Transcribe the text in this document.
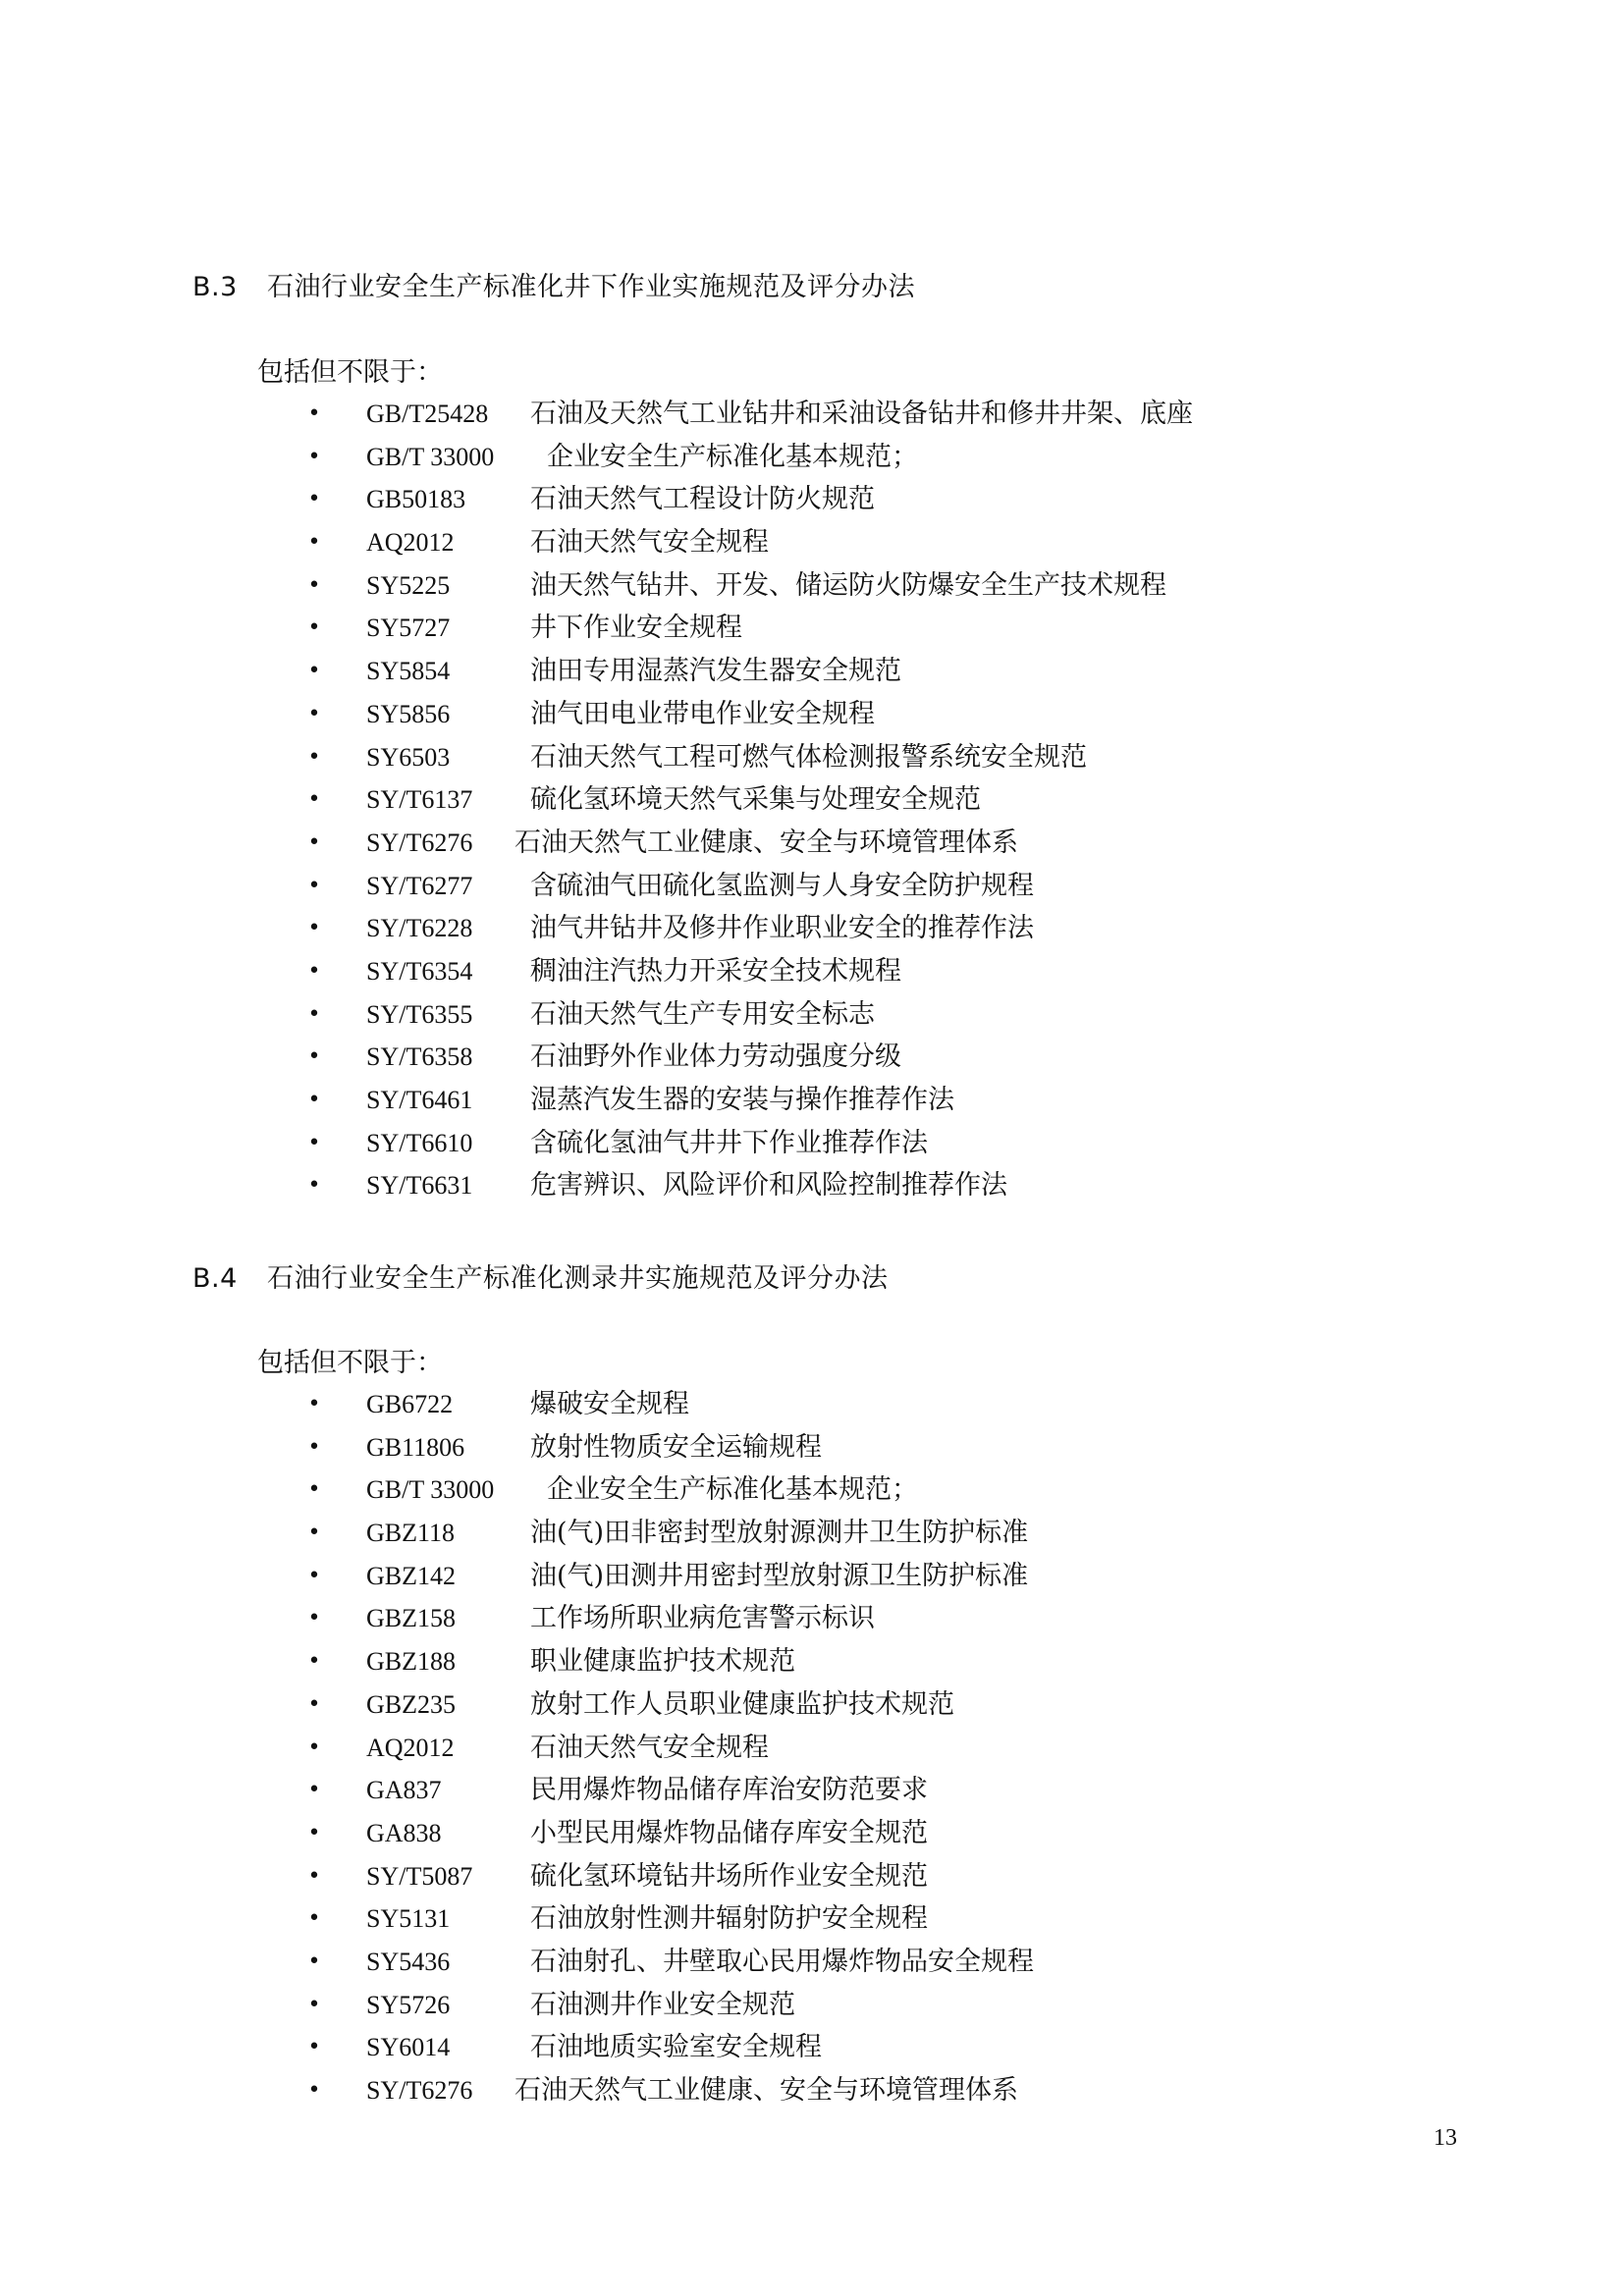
B.3 石油行业安全生产标准化井下作业实施规范及评分办法
包括但不限于：
• GB/T25428 石油及天然气工业钻井和采油设备钻井和修井井架、底座
• GB/T 33000 企业安全生产标准化基本规范；
• GB50183 石油天然气工程设计防火规范
• AQ2012	石油天然气安全规程
• SY5225	油天然气钻井、开发、储运防火防爆安全生产技术规程
• SY5727	井下作业安全规程
• SY5854	油田专用湿蒸汽发生器安全规范
• SY5856	油气田电业带电作业安全规程
• SY6503	石油天然气工程可燃气体检测报警系统安全规范
• SY/T6137 硫化氢环境天然气采集与处理安全规范
• SY/T6276 石油天然气工业健康、安全与环境管理体系
• SY/T6277 含硫油气田硫化氢监测与人身安全防护规程
• SY/T6228 油气井钻井及修井作业职业安全的推荐作法
• SY/T6354 稠油注汽热力开采安全技术规程
• SY/T6355 石油天然气生产专用安全标志
• SY/T6358 石油野外作业体力劳动强度分级
• SY/T6461 湿蒸汽发生器的安装与操作推荐作法
• SY/T6610 含硫化氢油气井井下作业推荐作法
• SY/T6631 危害辨识、风险评价和风险控制推荐作法
B.4 石油行业安全生产标准化测录井实施规范及评分办法
包括但不限于：
• GB6722	爆破安全规程
• GB11806 放射性物质安全运输规程
• GB/T 33000 企业安全生产标准化基本规范；
• GBZ118	油(气)田非密封型放射源测井卫生防护标准
• GBZ142	油(气)田测井用密封型放射源卫生防护标准
• GBZ158	工作场所职业病危害警示标识
• GBZ188	职业健康监护技术规范
• GBZ235	放射工作人员职业健康监护技术规范
• AQ2012	石油天然气安全规程
• GA837	民用爆炸物品储存库治安防范要求
• GA838	小型民用爆炸物品储存库安全规范
• SY/T5087 硫化氢环境钻井场所作业安全规范
• SY5131	石油放射性测井辐射防护安全规程
• SY5436	石油射孔、井壁取心民用爆炸物品安全规程
• SY5726	石油测井作业安全规范
• SY6014	石油地质实验室安全规程
• SY/T6276 石油天然气工业健康、安全与环境管理体系
13
